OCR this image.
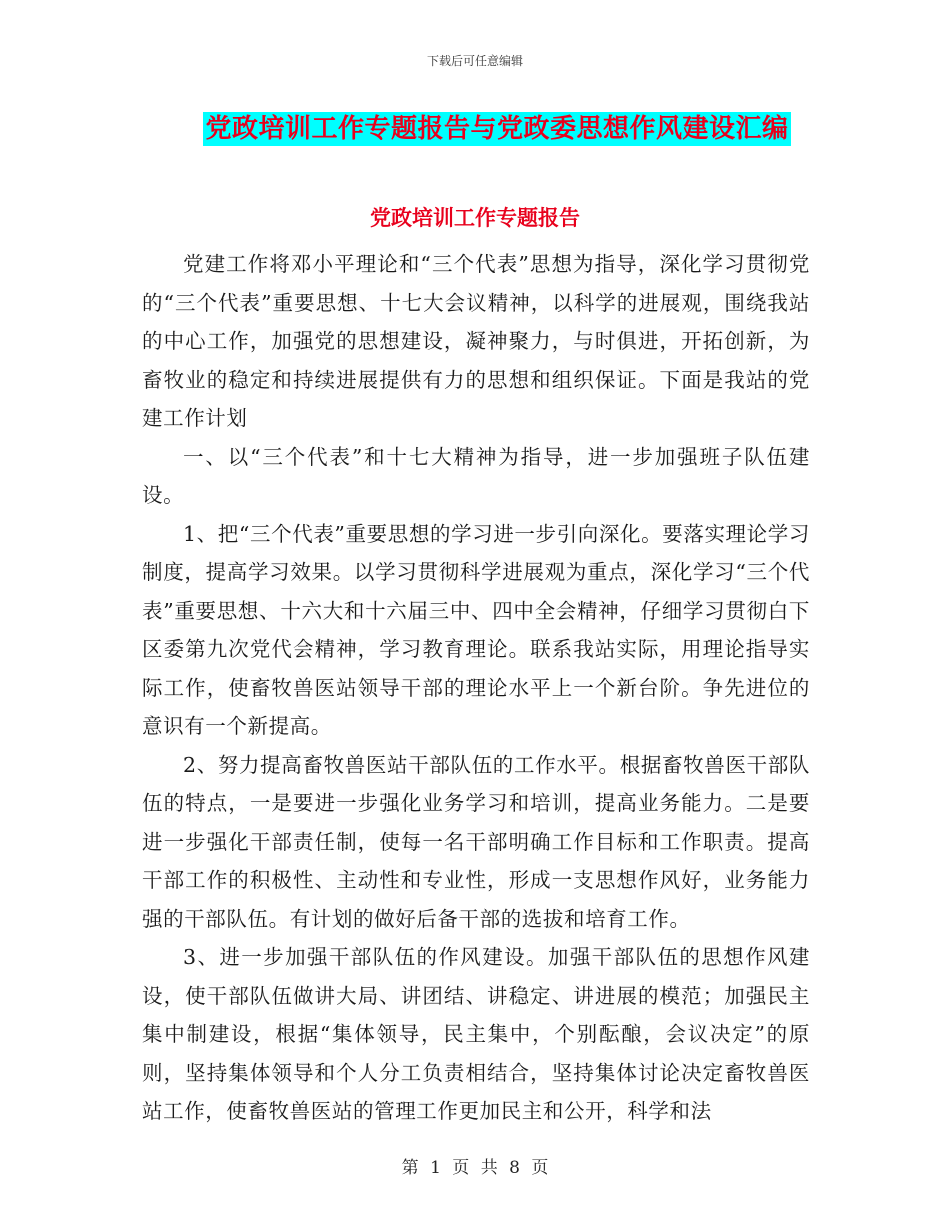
下载后可任意编辑
党政培训工作专题报告与党政委思想作风建设汇编
党政培训工作专题报告

党建工作将邓小平理论和“三个代表”思想为指导，深化学习贯彻党的“三个代表”重要思想、十七大会议精神，以科学的进展观，围绕我站的中心工作，加强党的思想建设，凝神聚力，与时俱进，开拓创新，为畜牧业的稳定和持续进展提供有力的思想和组织保证。下面是我站的党建工作计划

一、以“三个代表”和十七大精神为指导，进一步加强班子队伍建设。

1、把“三个代表”重要思想的学习进一步引向深化。要落实理论学习制度，提高学习效果。以学习贯彻科学进展观为重点，深化学习“三个代表”重要思想、十六大和十六届三中、四中全会精神，仔细学习贯彻白下区委第九次党代会精神，学习教育理论。联系我站实际，用理论指导实际工作，使畜牧兽医站领导干部的理论水平上一个新台阶。争先进位的意识有一个新提高。

2、努力提高畜牧兽医站干部队伍的工作水平。根据畜牧兽医干部队伍的特点，一是要进一步强化业务学习和培训，提高业务能力。二是要进一步强化干部责任制，使每一名干部明确工作目标和工作职责。提高干部工作的积极性、主动性和专业性，形成一支思想作风好，业务能力强的干部队伍。有计划的做好后备干部的选拔和培育工作。

3、进一步加强干部队伍的作风建设。加强干部队伍的思想作风建设，使干部队伍做讲大局、讲团结、讲稳定、讲进展的模范；加强民主集中制建设，根据“集体领导，民主集中，个别酝酿，会议决定”的原则，坚持集体领导和个人分工负责相结合，坚持集体讨论决定畜牧兽医站工作，使畜牧兽医站的管理工作更加民主和公开，科学和法

第 1 页 共 8 页
